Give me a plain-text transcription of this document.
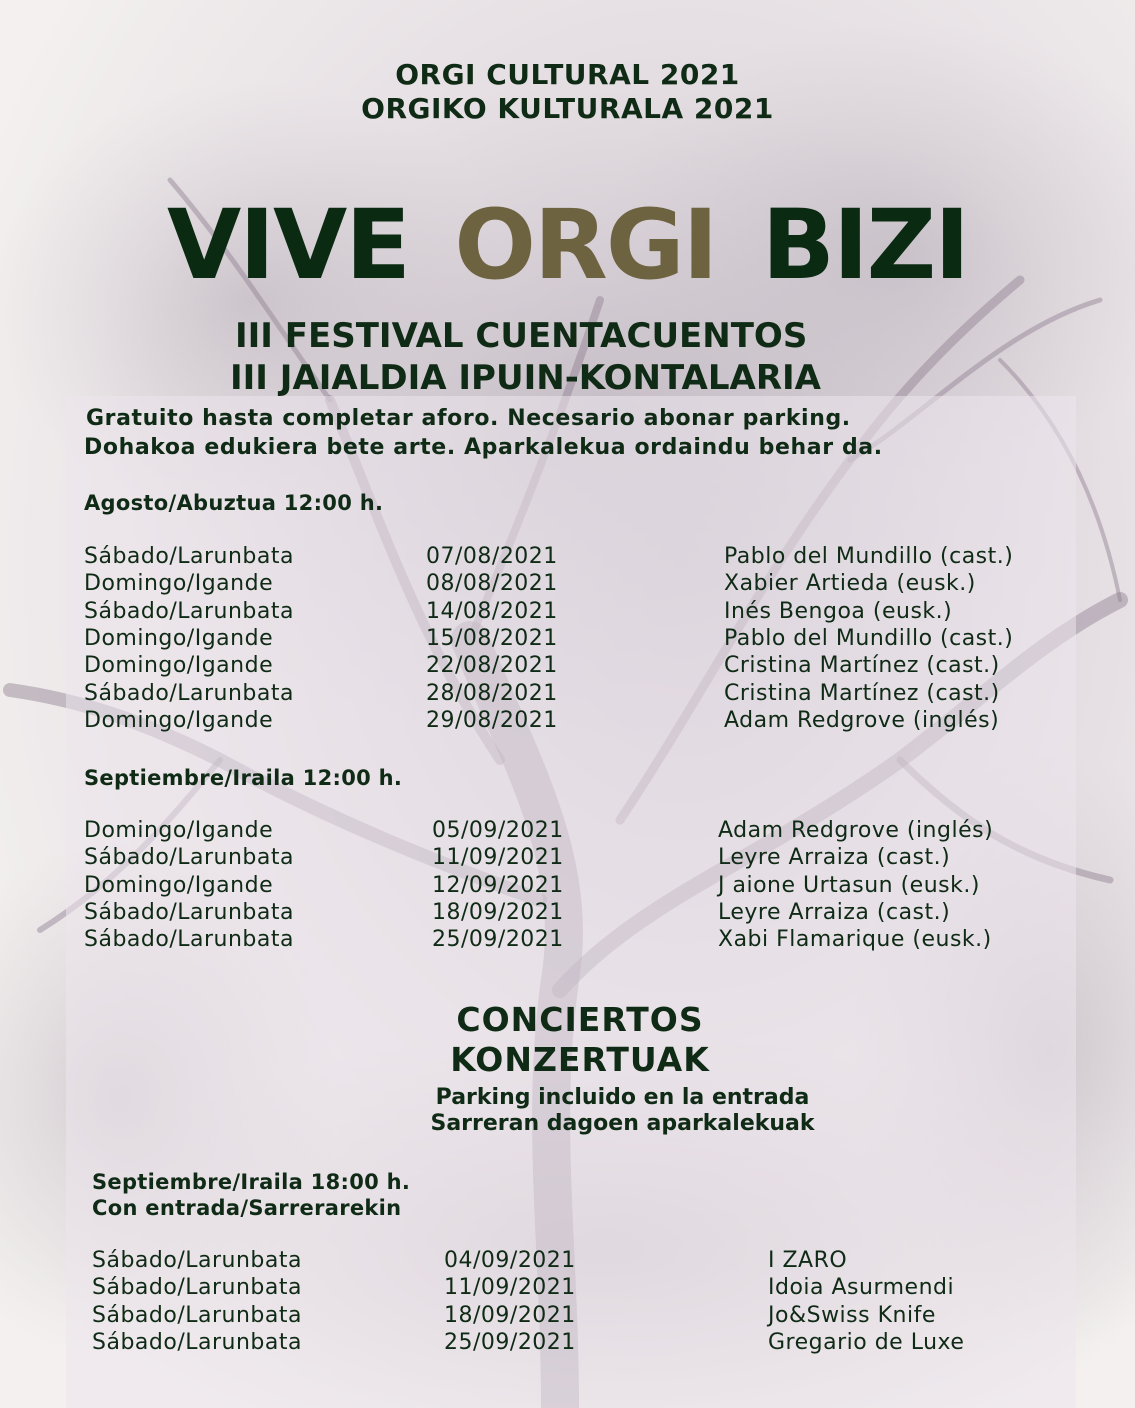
ORGI CULTURAL 2021
ORGIKO KULTURALA 2021
VIVE ORGI BIZI
III FESTIVAL CUENTACUENTOS
III JAIALDIA IPUIN-KONTALARIA
Gratuito hasta completar aforo. Necesario abonar parking.
Dohakoa edukiera bete arte. Aparkalekua ordaindu behar da.
Agosto/Abuztua 12:00 h.
Sábado/Larunbata	07/08/2021	Pablo del Mundillo (cast.)
Domingo/Igande	08/08/2021	Xabier Artieda (eusk.)
Sábado/Larunbata	14/08/2021	Inés Bengoa (eusk.)
Domingo/Igande	15/08/2021	Pablo del Mundillo (cast.)
Domingo/Igande	22/08/2021	Cristina Martínez (cast.)
Sábado/Larunbata	28/08/2021	Cristina Martínez (cast.)
Domingo/Igande	29/08/2021	Adam Redgrove (inglés)
Septiembre/Iraila 12:00 h.
Domingo/Igande	05/09/2021	Adam Redgrove (inglés)
Sábado/Larunbata	11/09/2021	Leyre Arraiza (cast.)
Domingo/Igande	12/09/2021	J aione Urtasun (eusk.)
Sábado/Larunbata	18/09/2021	Leyre Arraiza (cast.)
Sábado/Larunbata	25/09/2021	Xabi Flamarique (eusk.)
CONCIERTOS
KONZERTUAK
Parking incluido en la entrada
Sarreran dagoen aparkalekuak
Septiembre/Iraila 18:00 h.
Con entrada/Sarrerarekin
Sábado/Larunbata	04/09/2021	I ZARO
Sábado/Larunbata	11/09/2021	Idoia Asurmendi
Sábado/Larunbata	18/09/2021	Jo&Swiss Knife
Sábado/Larunbata	25/09/2021	Gregario de Luxe
